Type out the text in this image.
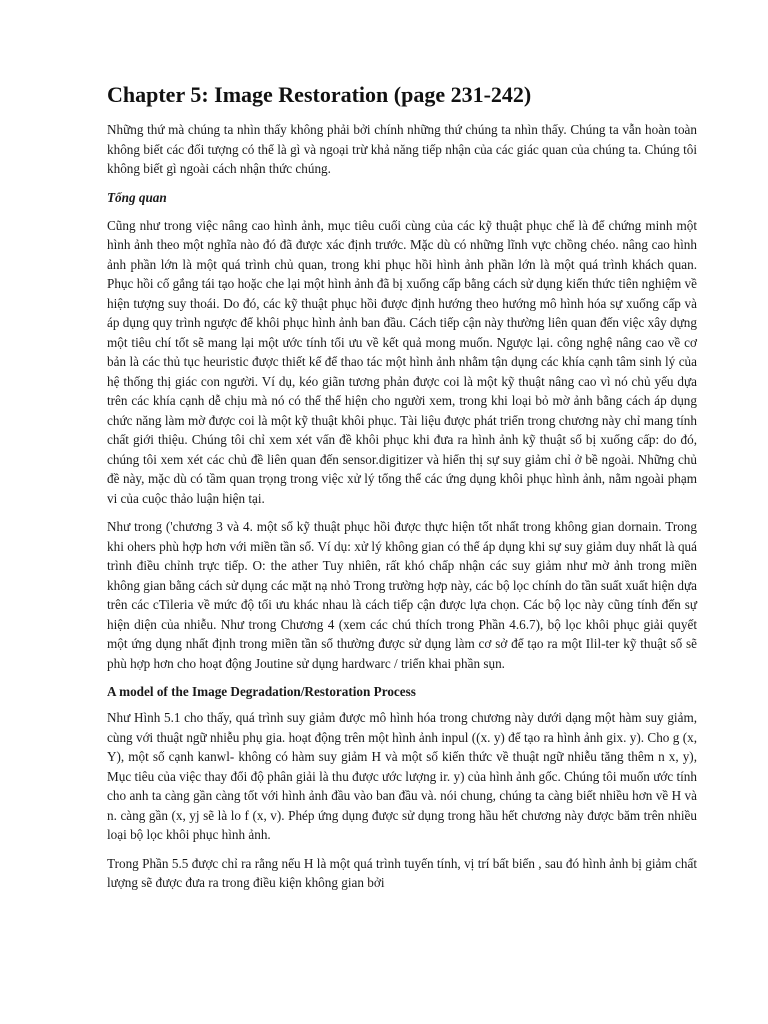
Chapter 5: Image Restoration (page 231-242)

Những thứ mà chúng ta nhìn thấy không phải bởi chính những thứ chúng ta nhìn thấy. Chúng ta vẫn hoàn toàn không biết các đối tượng có thể là gì và ngoại trừ khả năng tiếp nhận của các giác quan của chúng ta. Chúng tôi không biết gì ngoài cách nhận thức chúng.

Tổng quan

Cũng như trong việc nâng cao hình ảnh, mục tiêu cuối cùng của các kỹ thuật phục chế là để chứng minh một hình ảnh theo một nghĩa nào đó đã được xác định trước. Mặc dù có những lĩnh vực chồng chéo. nâng cao hình ảnh phần lớn là một quá trình chủ quan, trong khi phục hồi hình ảnh phần lớn là một quá trình khách quan. Phục hồi cố gắng tái tạo hoặc che lại một hình ảnh đã bị xuống cấp bằng cách sử dụng kiến thức tiên nghiệm về hiện tượng suy thoái. Do đó, các kỹ thuật phục hồi được định hướng theo hướng mô hình hóa sự xuống cấp và áp dụng quy trình ngược để khôi phục hình ảnh ban đầu. Cách tiếp cận này thường liên quan đến việc xây dựng một tiêu chí tốt sẽ mang lại một ước tính tối ưu về kết quả mong muốn. Ngược lại. công nghệ nâng cao về cơ bản là các thủ tục heuristic được thiết kế để thao tác một hình ảnh nhằm tận dụng các khía cạnh tâm sinh lý của hệ thống thị giác con người. Ví dụ, kéo giãn tương phản được coi là một kỹ thuật nâng cao vì nó chủ yếu dựa trên các khía cạnh dễ chịu mà nó có thể thể hiện cho người xem, trong khi loại bỏ mờ ảnh bằng cách áp dụng chức năng làm mờ được coi là một kỹ thuật khôi phục. Tài liệu được phát triển trong chương này chỉ mang tính chất giới thiệu. Chúng tôi chỉ xem xét vấn đề khôi phục khi đưa ra hình ảnh kỹ thuật số bị xuống cấp: do đó, chúng tôi xem xét các chủ đề liên quan đến sensor.digitizer và hiển thị sự suy giảm chỉ ở bề ngoài. Những chủ đề này, mặc dù có tầm quan trọng trong việc xử lý tổng thể các ứng dụng khôi phục hình ảnh, nằm ngoài phạm vi của cuộc thảo luận hiện tại.

Như trong ('chương 3 và 4. một số kỹ thuật phục hồi được thực hiện tốt nhất trong không gian dornain. Trong khi ohers phù hợp hơn với miền tần số. Ví dụ: xử lý không gian có thể áp dụng khi sự suy giảm duy nhất là quá trình điều chỉnh trực tiếp. O: the ather Tuy nhiên, rất khó chấp nhận các suy giảm như mờ ảnh trong miền không gian bằng cách sử dụng các mặt nạ nhỏ Trong trường hợp này, các bộ lọc chính do tần suất xuất hiện dựa trên các cTileria về mức độ tối ưu khác nhau là cách tiếp cận được lựa chọn. Các bộ lọc này cũng tính đến sự hiện diện của nhiễu. Như trong Chương 4 (xem các chú thích trong Phần 4.6.7), bộ lọc khôi phục giải quyết một ứng dụng nhất định trong miền tần số thường được sử dụng làm cơ sở để tạo ra một Ilil-ter kỹ thuật số sẽ phù hợp hơn cho hoạt động Joutine sử dụng hardwarc / triển khai phần sụn.

A model of the Image Degradation/Restoration Process

Như Hình 5.1 cho thấy, quá trình suy giảm được mô hình hóa trong chương này dưới dạng một hàm suy giảm, cùng với thuật ngữ nhiễu phụ gia. hoạt động trên một hình ảnh inpul ((x. y) để tạo ra hình ảnh gix. y). Cho g (x, Y), một số cạnh kanwl- không có hàm suy giảm H và một số kiến thức về thuật ngữ nhiễu tăng thêm n x, y), Mục tiêu của việc thay đổi độ phân giải là thu được ước lượng ir. y) của hình ảnh gốc. Chúng tôi muốn ước tính cho anh ta càng gần càng tốt với hình ảnh đầu vào ban đầu và. nói chung, chúng ta càng biết nhiều hơn về H và n. càng gần (x, yj sẽ là lo f (x, v). Phép ứng dụng được sử dụng trong hầu hết chương này được băm trên nhiều loại bộ lọc khôi phục hình ảnh.

Trong Phần 5.5 được chỉ ra rằng nếu H là một quá trình tuyến tính, vị trí bất biến , sau đó hình ảnh bị giảm chất lượng sẽ được đưa ra trong điều kiện không gian bởi
